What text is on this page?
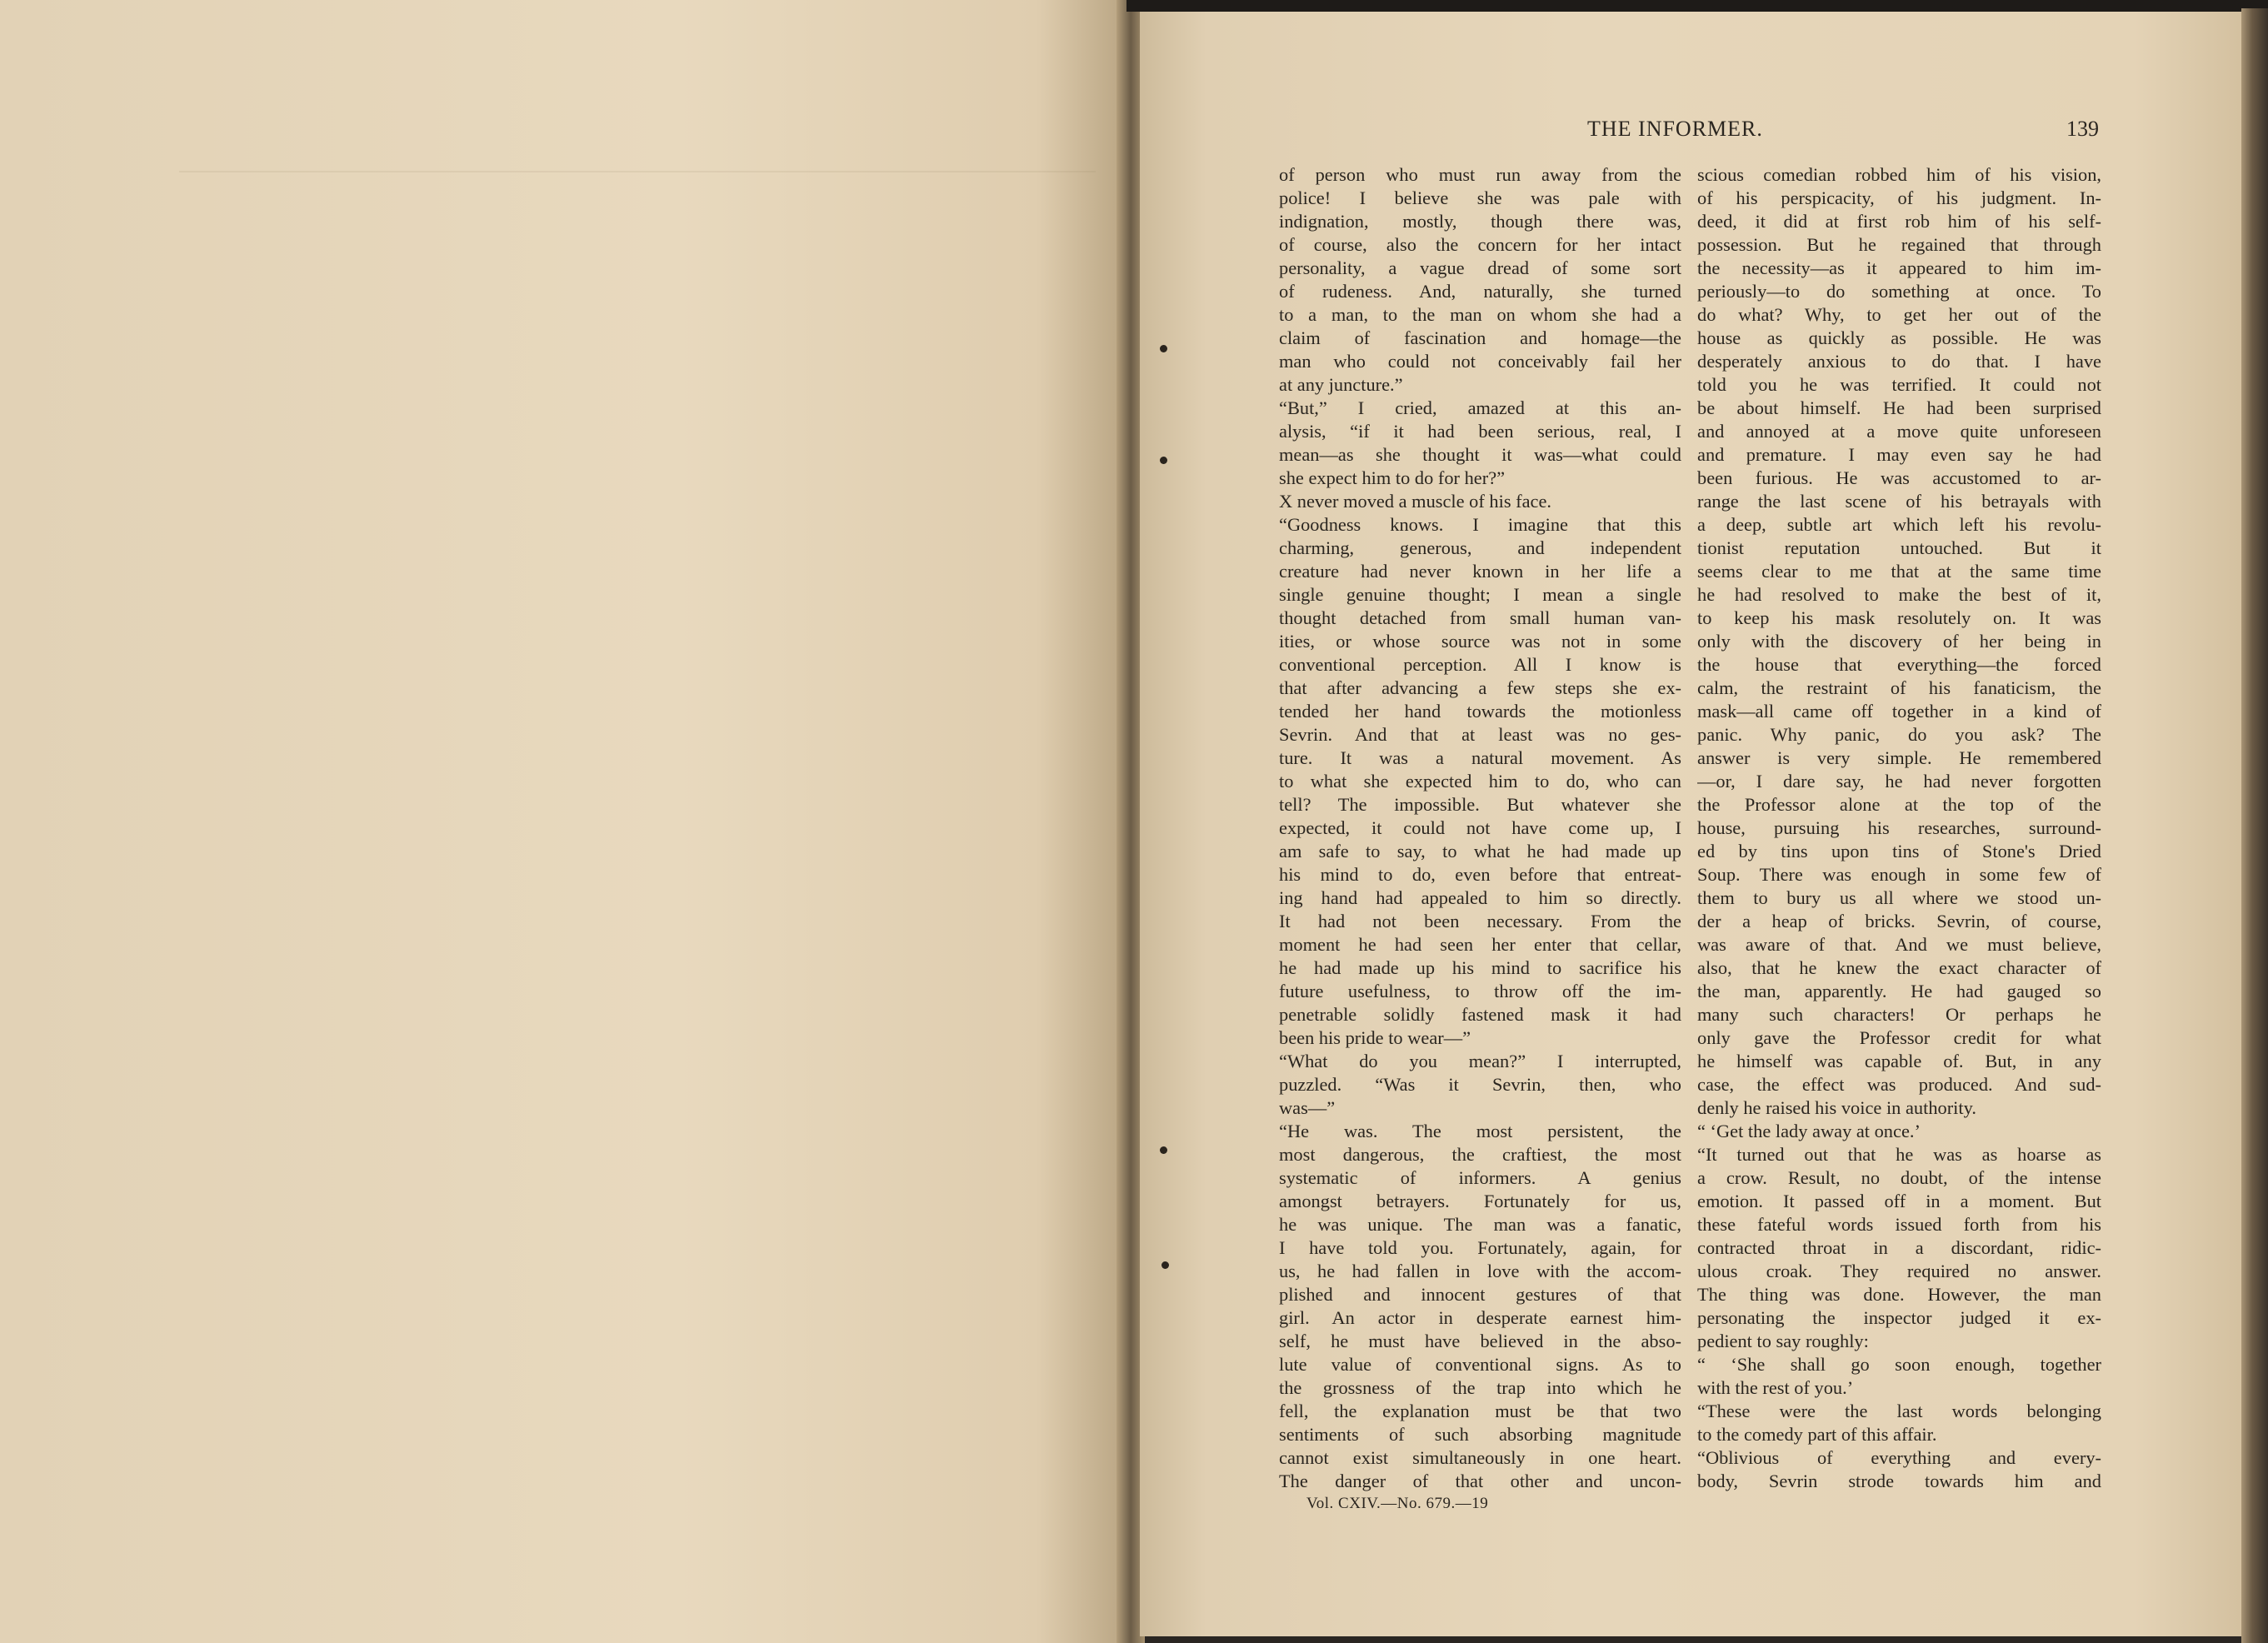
THE INFORMER.	139
of person who must run away from the
police! I believe she was pale with
indignation, mostly, though there was,
of course, also the concern for her intact
personality, a vague dread of some sort
of rudeness. And, naturally, she turned
to a man, to the man on whom she had a
claim of fascination and homage—the
man who could not conceivably fail her
at any juncture.”
“But,” I cried, amazed at this an-
alysis, “if it had been serious, real, I
mean—as she thought it was—what could
she expect him to do for her?”
X never moved a muscle of his face.
“Goodness knows. I imagine that this
charming, generous, and independent
creature had never known in her life a
single genuine thought; I mean a single
thought detached from small human van-
ities, or whose source was not in some
conventional perception. All I know is
that after advancing a few steps she ex-
tended her hand towards the motionless
Sevrin. And that at least was no ges-
ture. It was a natural movement. As
to what she expected him to do, who can
tell? The impossible. But whatever she
expected, it could not have come up, I
am safe to say, to what he had made up
his mind to do, even before that entreat-
ing hand had appealed to him so directly.
It had not been necessary. From the
moment he had seen her enter that cellar,
he had made up his mind to sacrifice his
future usefulness, to throw off the im-
penetrable solidly fastened mask it had
been his pride to wear—”
“What do you mean?” I interrupted,
puzzled. “Was it Sevrin, then, who
was—”
“He was. The most persistent, the
most dangerous, the craftiest, the most
systematic of informers. A genius
amongst betrayers. Fortunately for us,
he was unique. The man was a fanatic,
I have told you. Fortunately, again, for
us, he had fallen in love with the accom-
plished and innocent gestures of that
girl. An actor in desperate earnest him-
self, he must have believed in the abso-
lute value of conventional signs. As to
the grossness of the trap into which he
fell, the explanation must be that two
sentiments of such absorbing magnitude
cannot exist simultaneously in one heart.
The danger of that other and uncon-
scious comedian robbed him of his vision,
of his perspicacity, of his judgment. In-
deed, it did at first rob him of his self-
possession. But he regained that through
the necessity—as it appeared to him im-
periously—to do something at once. To
do what? Why, to get her out of the
house as quickly as possible. He was
desperately anxious to do that. I have
told you he was terrified. It could not
be about himself. He had been surprised
and annoyed at a move quite unforeseen
and premature. I may even say he had
been furious. He was accustomed to ar-
range the last scene of his betrayals with
a deep, subtle art which left his revolu-
tionist reputation untouched. But it
seems clear to me that at the same time
he had resolved to make the best of it,
to keep his mask resolutely on. It was
only with the discovery of her being in
the house that everything—the forced
calm, the restraint of his fanaticism, the
mask—all came off together in a kind of
panic. Why panic, do you ask? The
answer is very simple. He remembered
—or, I dare say, he had never forgotten
the Professor alone at the top of the
house, pursuing his researches, surround-
ed by tins upon tins of Stone's Dried
Soup. There was enough in some few of
them to bury us all where we stood un-
der a heap of bricks. Sevrin, of course,
was aware of that. And we must believe,
also, that he knew the exact character of
the man, apparently. He had gauged so
many such characters! Or perhaps he
only gave the Professor credit for what
he himself was capable of. But, in any
case, the effect was produced. And sud-
denly he raised his voice in authority.
“ ‘Get the lady away at once.’
“It turned out that he was as hoarse as
a crow. Result, no doubt, of the intense
emotion. It passed off in a moment. But
these fateful words issued forth from his
contracted throat in a discordant, ridic-
ulous croak. They required no answer.
The thing was done. However, the man
personating the inspector judged it ex-
pedient to say roughly:
“ ‘She shall go soon enough, together
with the rest of you.’
“These were the last words belonging
to the comedy part of this affair.
“Oblivious of everything and every-
body, Sevrin strode towards him and
Vol. CXIV.—No. 679.—19
